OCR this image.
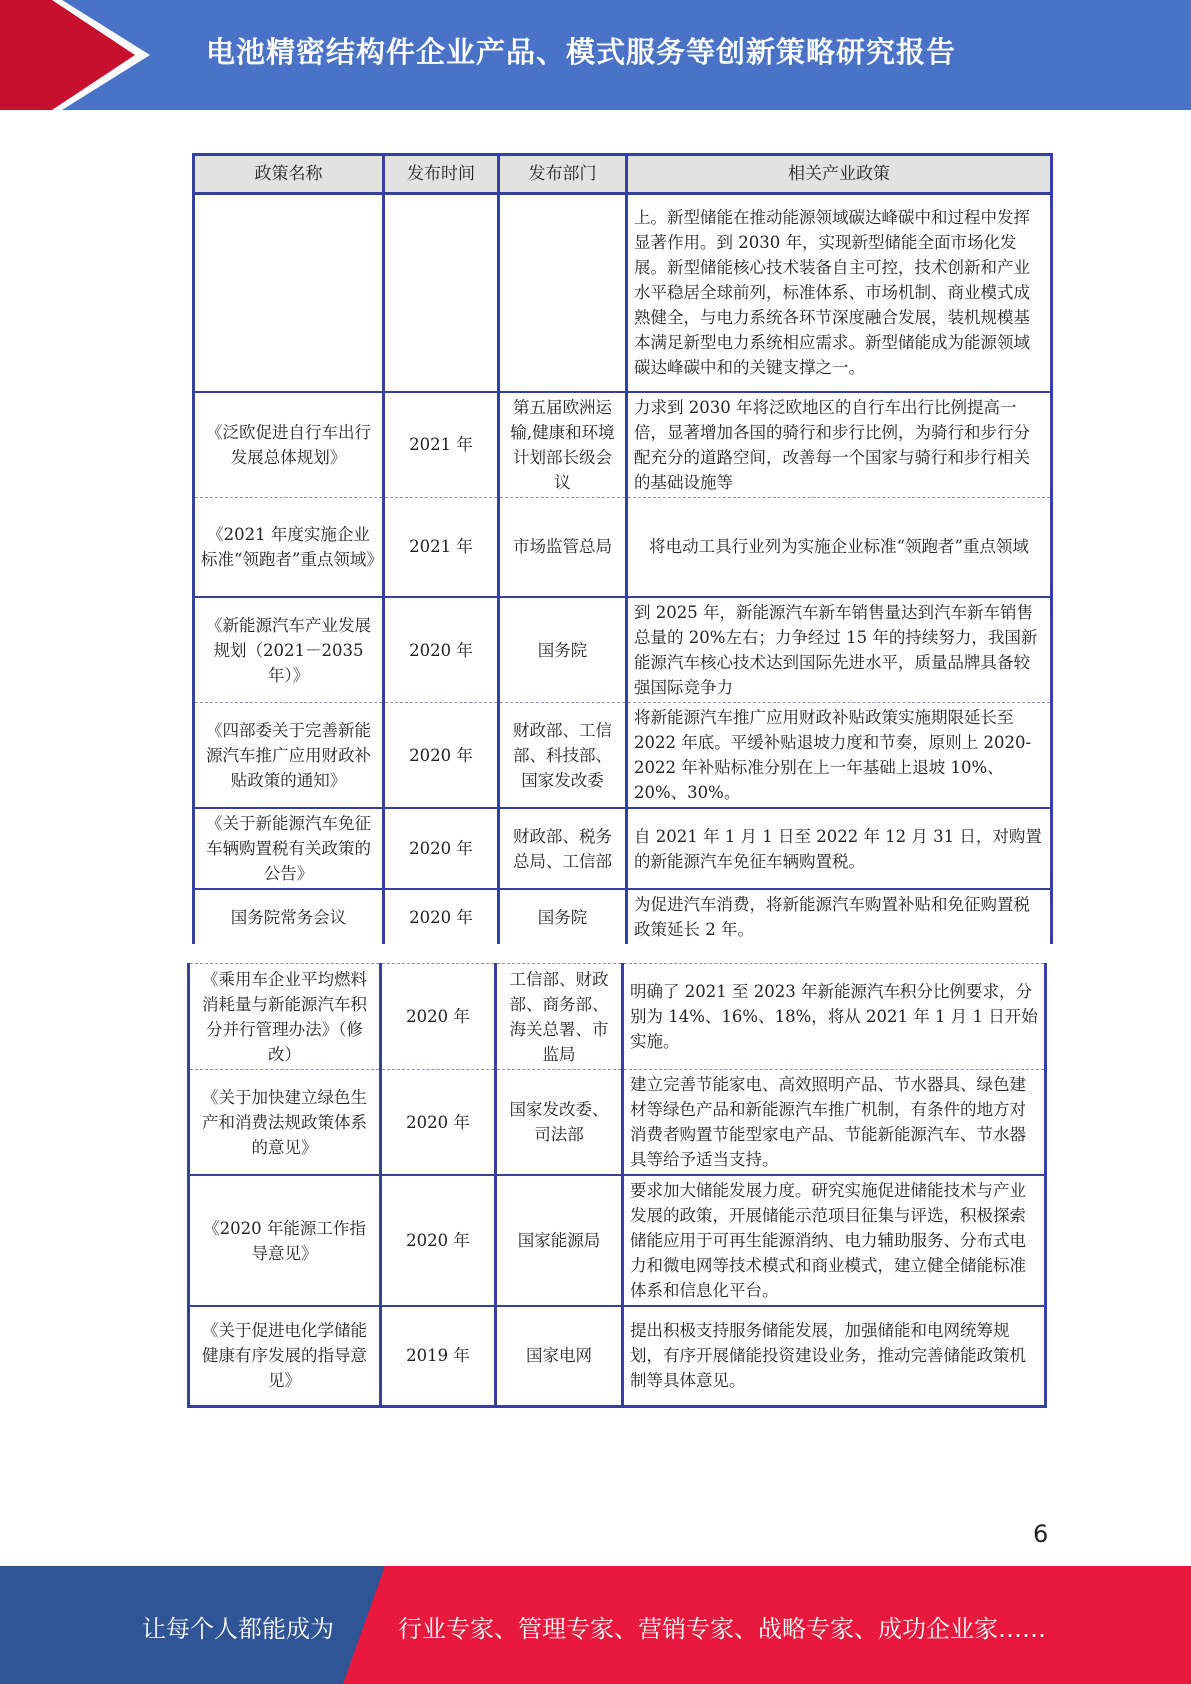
电池精密结构件企业产品、模式服务等创新策略研究报告
政策名称	发布时间	发布部门	相关产业政策
			上。新型储能在推动能源领域碳达峰碳中和过程中发挥显著作用。到 2030 年，实现新型储能全面市场化发展。新型储能核心技术装备自主可控，技术创新和产业水平稳居全球前列，标准体系、市场机制、商业模式成熟健全，与电力系统各环节深度融合发展，装机规模基本满足新型电力系统相应需求。新型储能成为能源领域碳达峰碳中和的关键支撑之一。
《泛欧促进自行车出行发展总体规划》	2021 年	第五届欧洲运输,健康和环境计划部长级会议	力求到 2030 年将泛欧地区的自行车出行比例提高一倍，显著增加各国的骑行和步行比例，为骑行和步行分配充分的道路空间，改善每一个国家与骑行和步行相关的基础设施等
《2021 年度实施企业标准“领跑者”重点领域》	2021 年	市场监管总局	将电动工具行业列为实施企业标准“领跑者”重点领域
《新能源汽车产业发展规划（2021－2035 年）》	2020 年	国务院	到 2025 年，新能源汽车新车销售量达到汽车新车销售总量的 20%左右；力争经过 15 年的持续努力，我国新能源汽车核心技术达到国际先进水平，质量品牌具备较强国际竞争力
《四部委关于完善新能源汽车推广应用财政补贴政策的通知》	2020 年	财政部、工信部、科技部、国家发改委	将新能源汽车推广应用财政补贴政策实施期限延长至 2022 年底。平缓补贴退坡力度和节奏，原则上 2020-2022 年补贴标准分别在上一年基础上退坡 10%、20%、30%。
《关于新能源汽车免征车辆购置税有关政策的公告》	2020 年	财政部、税务总局、工信部	自 2021 年 1 月 1 日至 2022 年 12 月 31 日，对购置的新能源汽车免征车辆购置税。
国务院常务会议	2020 年	国务院	为促进汽车消费，将新能源汽车购置补贴和免征购置税政策延长 2 年。
《乘用车企业平均燃料消耗量与新能源汽车积分并行管理办法》（修改）	2020 年	工信部、财政部、商务部、海关总署、市监局	明确了 2021 至 2023 年新能源汽车积分比例要求，分别为 14%、16%、18%，将从 2021 年 1 月 1 日开始实施。
《关于加快建立绿色生产和消费法规政策体系的意见》	2020 年	国家发改委、司法部	建立完善节能家电、高效照明产品、节水器具、绿色建材等绿色产品和新能源汽车推广机制，有条件的地方对消费者购置节能型家电产品、节能新能源汽车、节水器具等给予适当支持。
《2020 年能源工作指导意见》	2020 年	国家能源局	要求加大储能发展力度。研究实施促进储能技术与产业发展的政策，开展储能示范项目征集与评选，积极探索储能应用于可再生能源消纳、电力辅助服务、分布式电力和微电网等技术模式和商业模式，建立健全储能标准体系和信息化平台。
《关于促进电化学储能健康有序发展的指导意见》	2019 年	国家电网	提出积极支持服务储能发展，加强储能和电网统筹规划，有序开展储能投资建设业务，推动完善储能政策机制等具体意见。
6
让每个人都能成为	行业专家、管理专家、营销专家、战略专家、成功企业家……
